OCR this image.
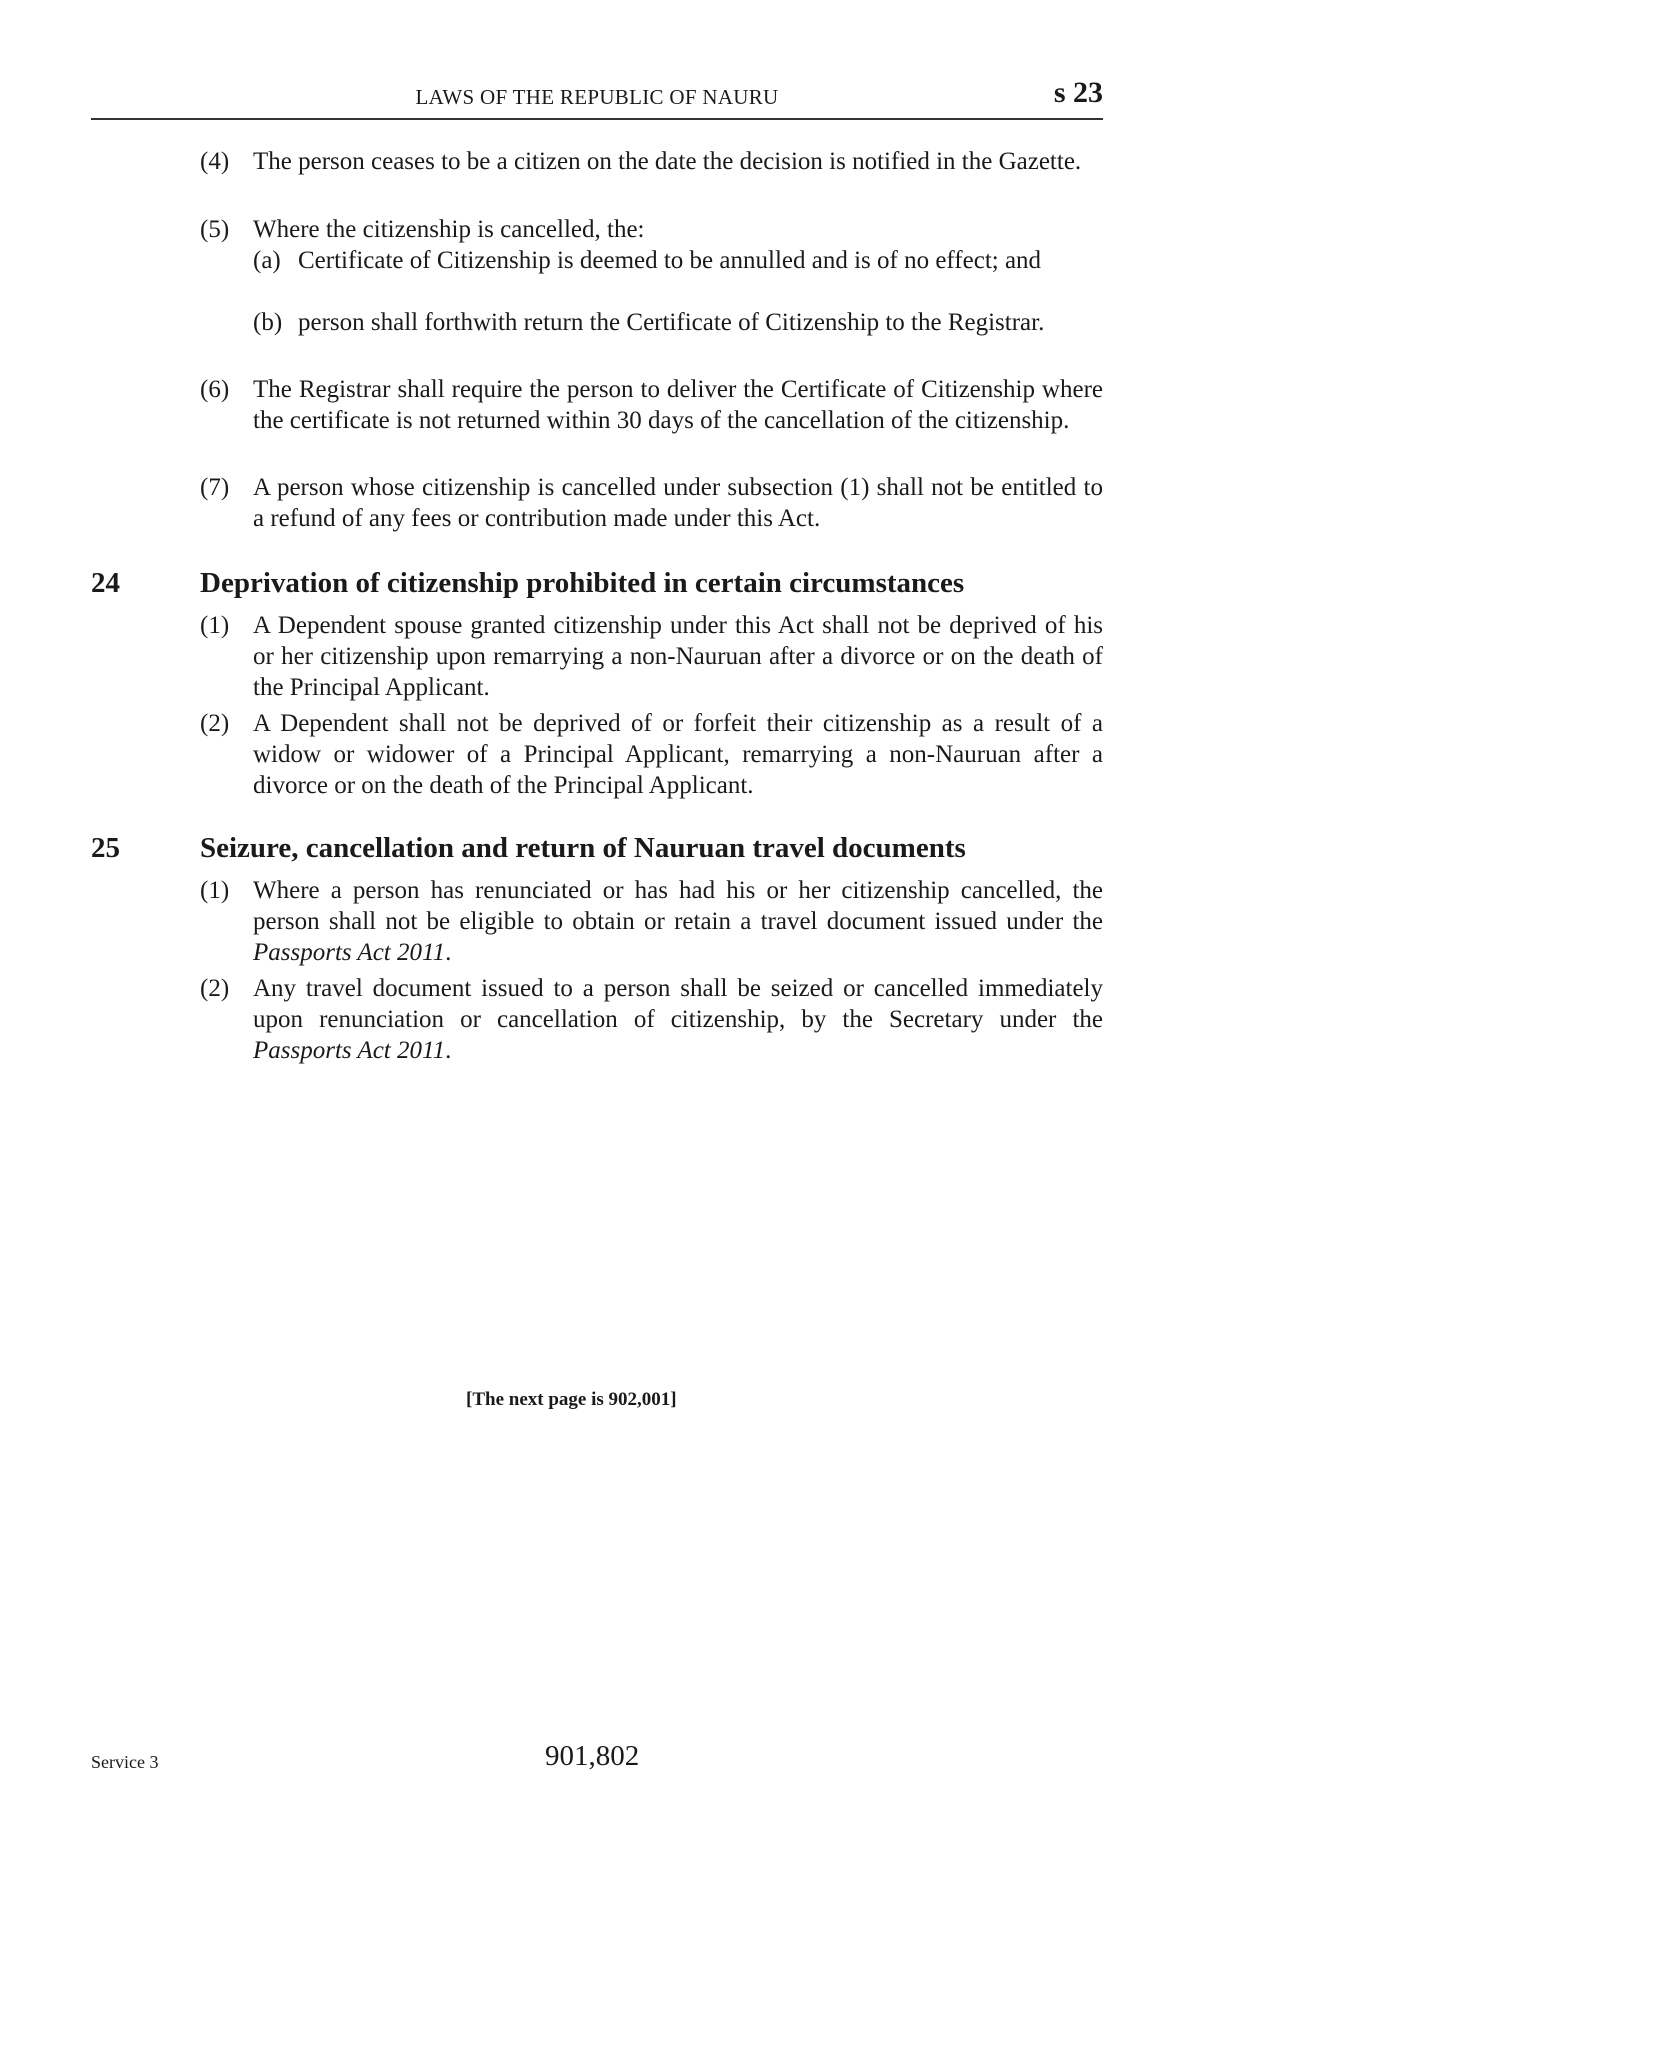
LAWS OF THE REPUBLIC OF NAURU	s 23
(4) The person ceases to be a citizen on the date the decision is notified in the Gazette.
(5) Where the citizenship is cancelled, the:
(a) Certificate of Citizenship is deemed to be annulled and is of no effect; and
(b) person shall forthwith return the Certificate of Citizenship to the Registrar.
(6) The Registrar shall require the person to deliver the Certificate of Citizenship where the certificate is not returned within 30 days of the cancellation of the citizenship.
(7) A person whose citizenship is cancelled under subsection (1) shall not be entitled to a refund of any fees or contribution made under this Act.
24	Deprivation of citizenship prohibited in certain circumstances
(1) A Dependent spouse granted citizenship under this Act shall not be deprived of his or her citizenship upon remarrying a non-Nauruan after a divorce or on the death of the Principal Applicant.
(2) A Dependent shall not be deprived of or forfeit their citizenship as a result of a widow or widower of a Principal Applicant, remarrying a non-Nauruan after a divorce or on the death of the Principal Applicant.
25	Seizure, cancellation and return of Nauruan travel documents
(1) Where a person has renunciated or has had his or her citizenship cancelled, the person shall not be eligible to obtain or retain a travel document issued under the Passports Act 2011.
(2) Any travel document issued to a person shall be seized or cancelled immediately upon renunciation or cancellation of citizenship, by the Secretary under the Passports Act 2011.
[The next page is 902,001]
Service 3	901,802
